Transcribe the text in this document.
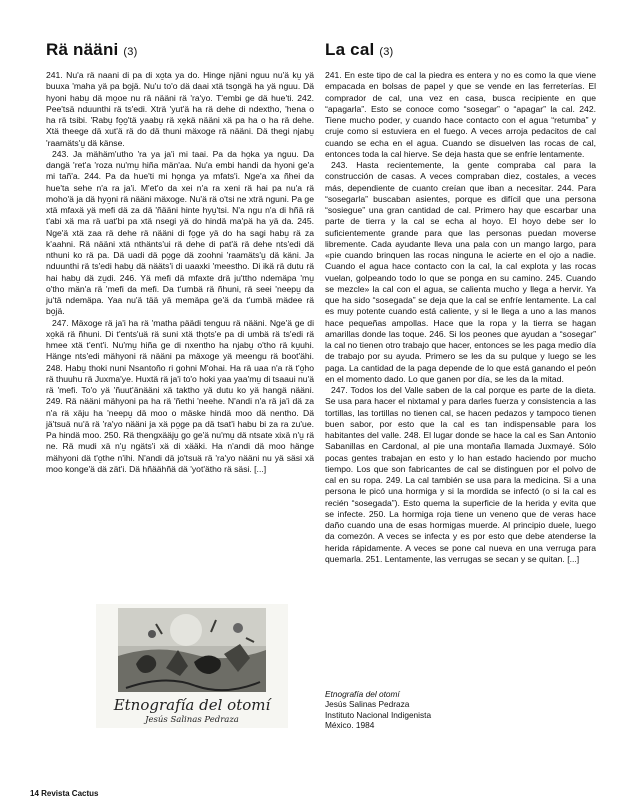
Rä nääni (3)

241. Nu'a rä naani di pa di xo̱ta ya do. Hinge njäni nguu nu'ä ku̱ yä buuxa 'maha yä pa bo̱jä. Nu'u to'o dä daai xtä tso̱ngä ha yä nguu. Dä hyoni habu̱ dä mo̱oe nu rä nääni rä 'ra'yo. T'embi ge dä hue'ti. 242. Pee'tsä nduunthi rä ts'edi. Xträ 'yut'ä ha rä dehe di ndextho, 'hena o ha rä tsibi. 'Rabu̱ fo̱o̱'tä yaabu̱ rä xe̱kä nääni xä pa ha o ha rä dehe. Xtä theege dä xut'ä rä do dä thuni mäxoge rä nääni. Dä thegi njabu̱ 'raamäts'u̱ dä känse.

243. Ja mähäm'utho 'ra ya ja'i mi taai. Pa da ho̱ka ya nguu. Da dangä 'ret'a 'roza nu'mu̱ hiña män'aa. Nu'a embi handi da hyoni ge'a mi tañ'a. 244. Pa da hue'ti mi ho̱nga ya mfats'i. Nge'a xa ñhei da hue'ta sehe n'a ra ja'i. M'et'o da xei n'a ra xeni rä hai pa nu'a rä moho'ä ja dä hyo̱ni rä nääni mäxoge. Nu'ä rä o'tsi ne xträ nguni. Pa ge xtä mfaxä yä mefi dä za dä 'ñääni hinte hyu̱'tsi. N'a ngu n'a di hñä rä t'abi xä ma rä uat'bi pa xtä nsegi yä do hindä ma'pä ha yä da. 245. Nge'ä xtä zaa rä dehe rä nääni di fo̱ge yä do ha sagi habu̱ rä za k'aahni. Rä nääni xtä nthänts'ui rä dehe di pat'ä rä dehe nts'edi dä nthuni ko rä pa. Dä uadi dä po̱ge dä zoohni 'raamäts'u̱ dä käni. Ja nduunthi rä ts'edi habu̱ dä nääts'i di uaaxki 'meestho. Di ikä rä dutu rä hai habu̱ dä zu̱di. 246. Yä mefi dä mfaxte drä ju'ttho ndemäpa 'mu̱ o'tho män'a rä 'mefi da mefi. Da t'umbä rä ñhuni, rä seei 'neepu̱ da ju'tä ndemäpa. Yaa nu'ä tää yä memäpa ge'ä da t'umbä mädee rä bo̱jä.

247. Mäxoge rä ja'i ha rä 'matha päädi tenguu rä nääni. Nge'ä ge di xo̱kä rä ñhuni. Di t'ents'uä rä suni xtä tho̱ts'e pa di umbä rä ts'edi rä hmee xtä t'ent'i. Nu'mu̱ hiña ge di nxentho ha njabu̱ o'tho rä ku̱uhi. Hänge nts'edi mähyoni rä nääni pa mäxoge yä meengu rä boot'ähi. 248. Habu̱ thoki nuni Nsantoño ri gohni M'ohai. Ha rä uaa n'a rä t'o̱ho rä thuuhu rä Juxma'ye. Huxtä rä ja'i to'o hoki yaa yaa'mu̱ di tsaaui nu'ä rä 'mefi. To'o yä 'ñuut'änääni xä taktho yä dutu ko yä hangä nääni. 249. Rä nääni mähyoni pa ha rä 'ñethi 'neehe. N'andi n'a rä ja'i dä za n'a rä xäju ha 'neepu̱ dä moo o mäske hindä moo dä nentho. Dä jä'tsuä nu'ä rä 'ra'yo nääni ja xä po̱ge pa dä tsat'i habu bi za ra zu'ue. Pa hindä moo. 250. Rä thengxääju̱ go ge'ä nu'mu̱ dä ntsate xixä n'u̱ rä ne. Rä mudi xä n'u̱ ngäts'i xä di xääki. Ha n'andi dä moo hänge mähyoni dä t'o̱the n'ihi. N'andi dä jo'tsuä rä 'ra'yo nääni nu yä säsi xä moo konge'ä dä zät'i. Dä hñäähñä dä 'yot'ätho rä säsi. [...]

La cal (3)

241. En este tipo de cal la piedra es entera y no es como la que viene empacada en bolsas de papel y que se vende en las ferreterías. El comprador de cal, una vez en casa, busca recipiente en que “apagarla”. Esto se conoce como “sosegar” o “apagar” la cal. 242. Tiene mucho poder, y cuando hace contacto con el agua “retumba” y cruje como si estuviera en el fuego. A veces arroja pedacitos de cal cuando se echa en el agua. Cuando se disuelven las rocas de cal, entonces toda la cal hierve. Se deja hasta que se enfríe lentamente.

243. Hasta recientemente, la gente compraba cal para la construcción de casas. A veces compraban diez, costales, a veces más, dependiente de cuanto creían que iban a necesitar. 244. Para “sosegarla” buscaban asientes, porque es difícil que una persona “sosiegue” una gran cantidad de cal. Primero hay que escarbar una parte de tierra y la cal se echa al hoyo. El hoyo debe ser lo suficientemente grande para que las personas puedan moverse libremente. Cada ayudante lleva una pala con un mango largo, para «pie cuando brinquen las rocas ninguna le acierte en el ojo a nadie. Cuando el agua hace contacto con la cal, la cal explota y las rocas vuelan, golpeando todo lo que se ponga en su camino. 245. Cuando se mezcle» la cal con el agua, se calienta mucho y llega a hervir. Ya que ha sido “sosegada” se deja que la cal se enfríe lentamente. La cal es muy potente cuando está caliente, y si le llega a uno a las manos hace pequeñas ampollas. Hace que la ropa y la tierra se hagan amarillas donde las toque. 246. Si los peones que ayudan a “sosegar” la cal no tienen otro trabajo que hacer, entonces se les paga medio día de trabajo por su ayuda. Primero se les da su pulque y luego se les paga. La cantidad de la paga depende de lo que está ganando el peón en el momento dado. Lo que ganen por día, se les da la mitad.

247. Todos los del Valle saben de la cal porque es parte de la dieta. Se usa para hacer el nixtamal y para darles fuerza y consistencia a las tortillas, las tortillas no tienen cal, se hacen pedazos y tampoco tienen buen sabor, por esto que la cal es tan indispensable para los habitantes del valle. 248. El lugar donde se hace la cal es San Antonio Sabanillas en Cardonal, al pie una montaña llamada Juxmayé. Sólo pocas gentes trabajan en esto y lo han estado haciendo por mucho tiempo. Los que son fabricantes de cal se distinguen por el polvo de cal en su ropa. 249. La cal también se usa para la medicina. Si a una persona le picó una hormiga y si la mordida se infectó (o si la cal es recién “sosegada”). Esto quema la superficie de la herida y evita que se infecte. 250. La hormiga roja tiene un veneno que de veras hace daño cuando una de esas hormigas muerde. Al principio duele, luego da comezón. A veces se infecta y es por esto que debe atenderse la herida rápidamente. A veces se pone cal nueva en una verruga para quemarla. 251. Lentamente, las verrugas se secan y se quitan. [...]

Etnografía del otomí
Jesús Salinas Pedraza
Etnografía del otomí
Jesús Salinas Pedraza
Instituto Nacional Indigenista
México. 1984
14 Revista Cactus
